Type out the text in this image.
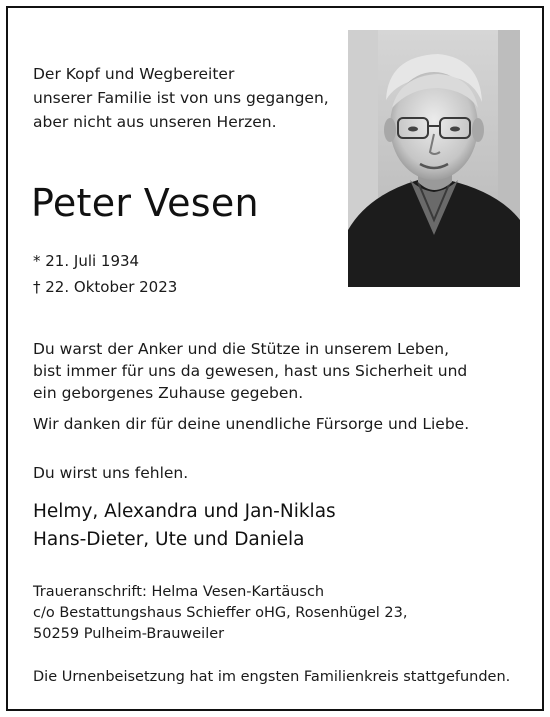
Der Kopf und Wegbereiter
unserer Familie ist von uns gegangen,
aber nicht aus unseren Herzen.
Peter Vesen
* 21. Juli 1934
† 22. Oktober 2023
Du warst der Anker und die Stütze in unserem Leben,
bist immer für uns da gewesen, hast uns Sicherheit und
ein geborgenes Zuhause gegeben.
Wir danken dir für deine unendliche Fürsorge und Liebe.
Du wirst uns fehlen.
Helmy, Alexandra und Jan-Niklas
Hans-Dieter, Ute und Daniela
Traueranschrift: Helma Vesen-Kartäusch
c/o Bestattungshaus Schieffer oHG, Rosenhügel 23,
50259 Pulheim-Brauweiler
Die Urnenbeisetzung hat im engsten Familienkreis stattgefunden.
